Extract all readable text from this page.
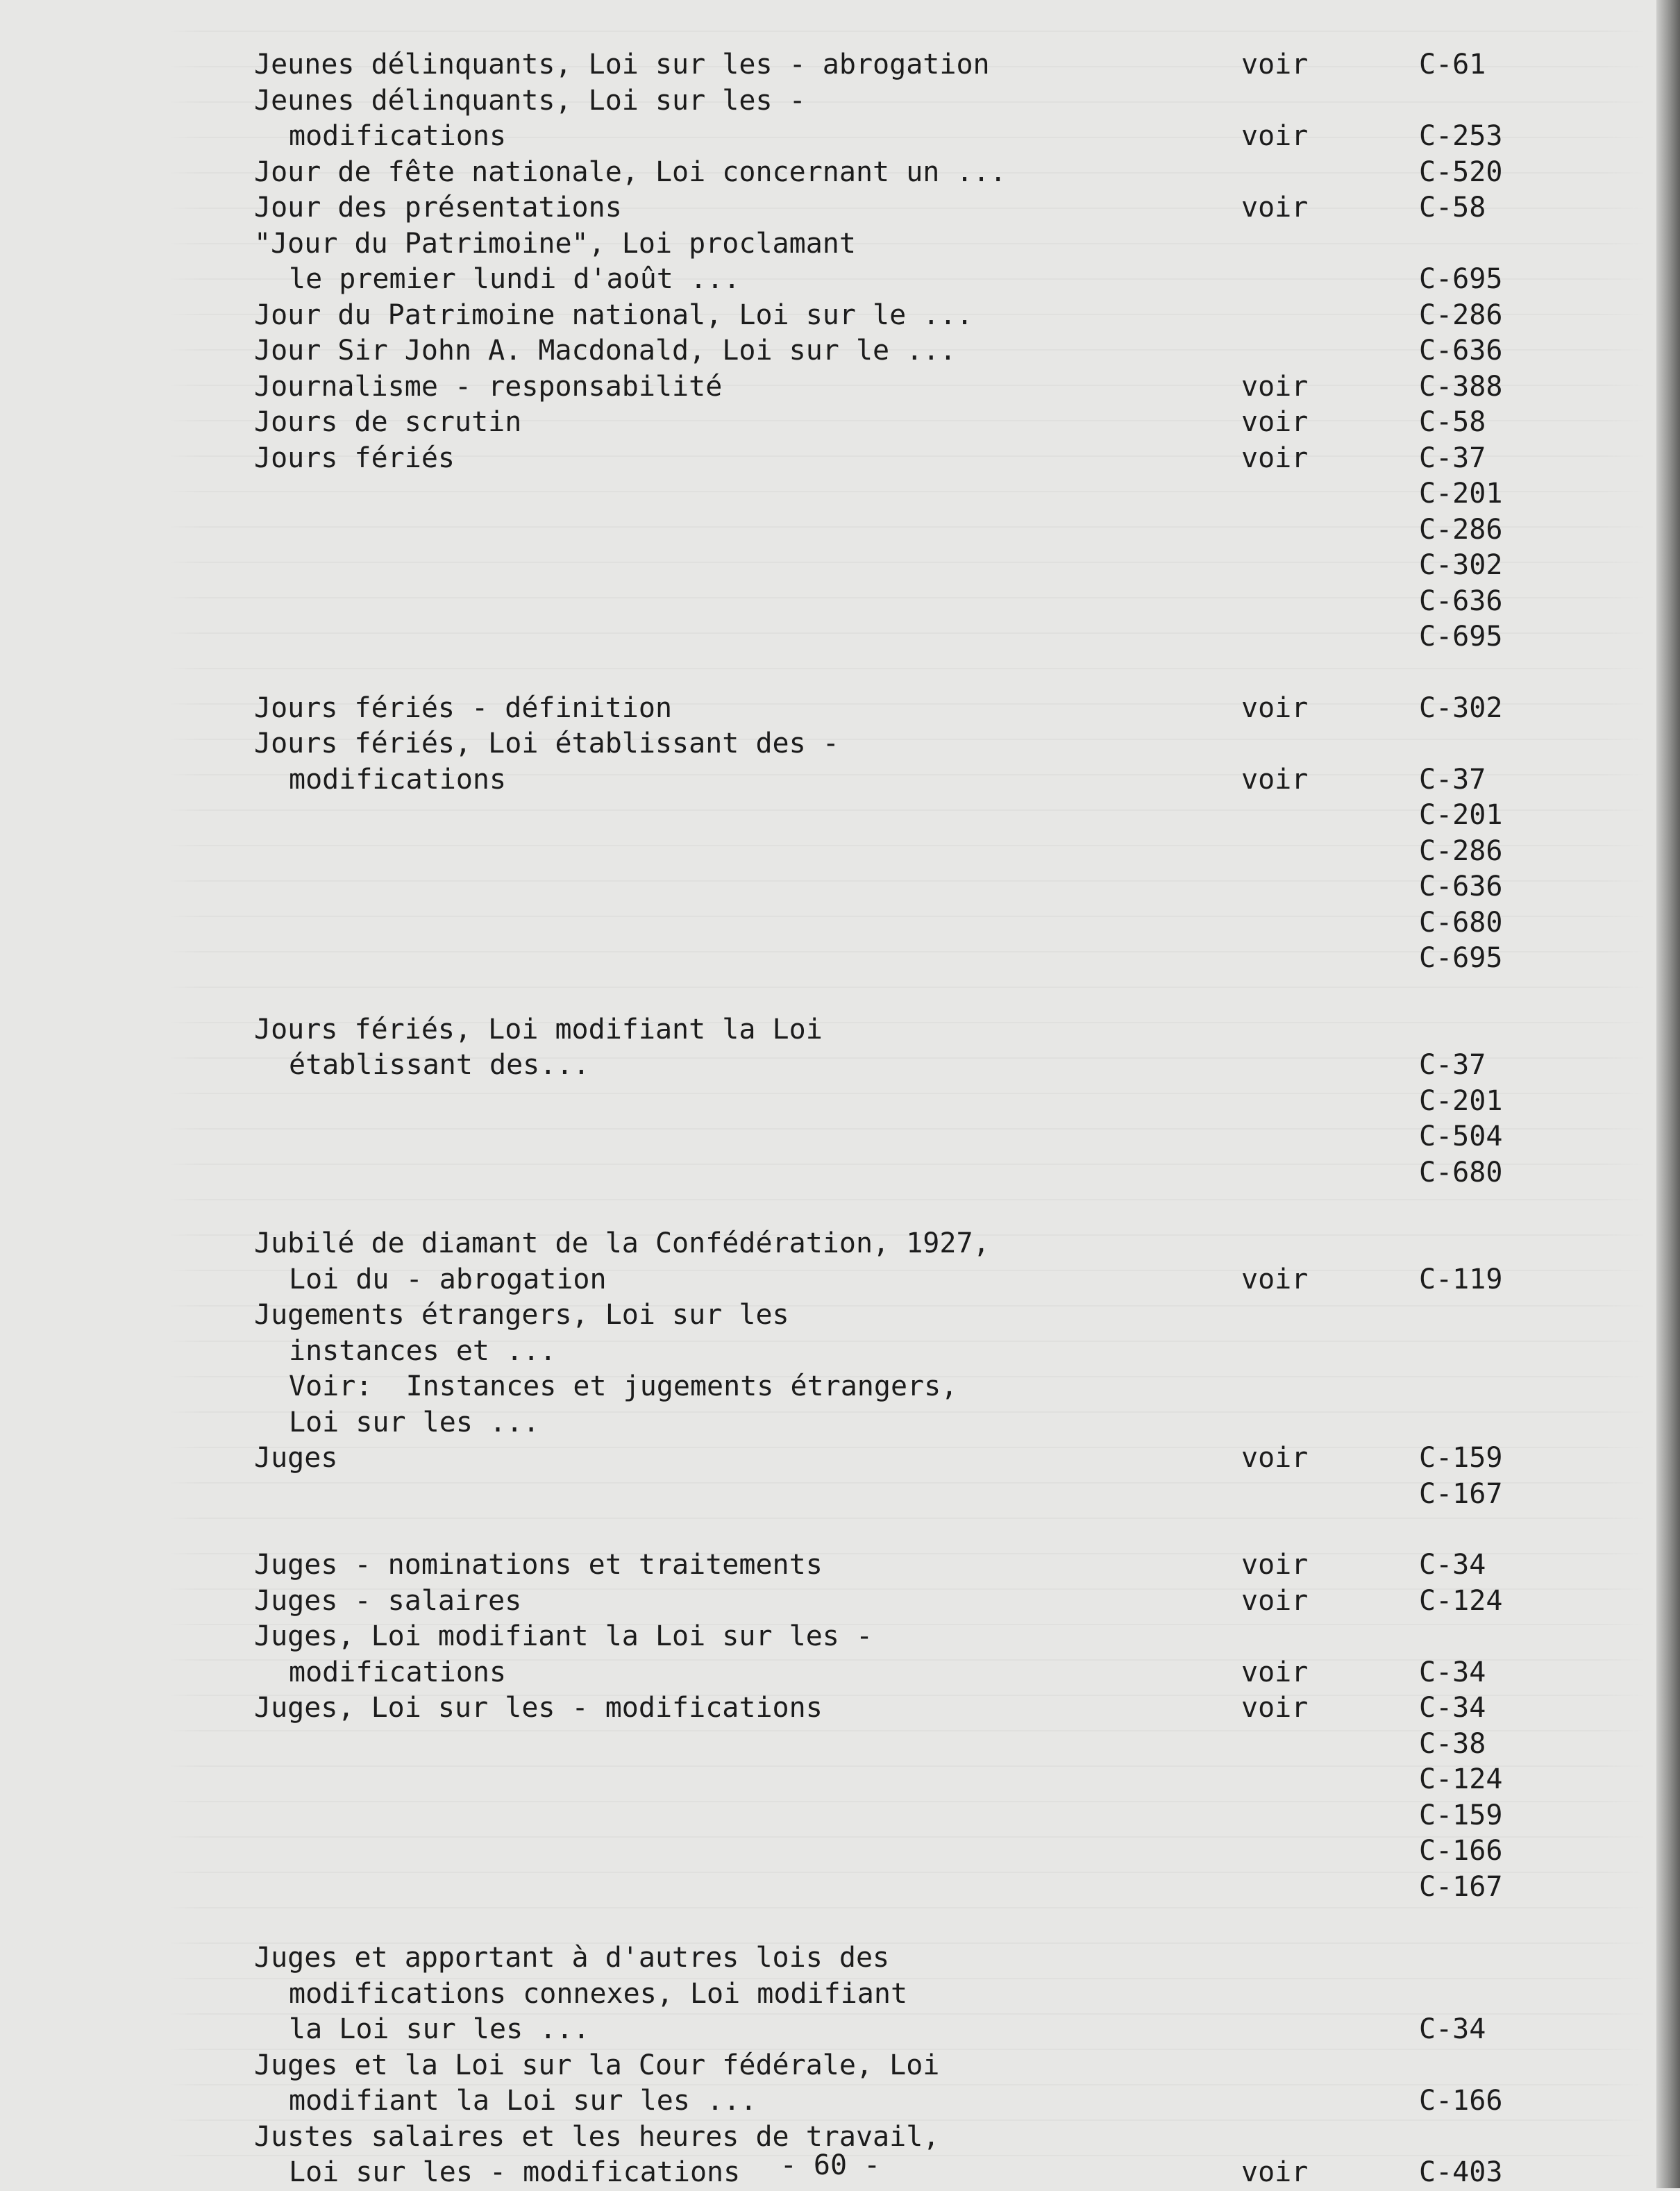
Jeunes délinquants, Loi sur les - abrogation	voir	C-61
Jeunes délinquants, Loi sur les -
modifications	voir	C-253
Jour de fête nationale, Loi concernant un ...	C-520
Jour des présentations	voir	C-58
"Jour du Patrimoine", Loi proclamant
le premier lundi d'août ...	C-695
Jour du Patrimoine national, Loi sur le ...	C-286
Jour Sir John A. Macdonald, Loi sur le ...	C-636
Journalisme - responsabilité	voir	C-388
Jours de scrutin	voir	C-58
Jours fériés	voir	C-37
C-201
C-286
C-302
C-636
C-695
Jours fériés - définition	voir	C-302
Jours fériés, Loi établissant des -
modifications	voir	C-37
C-201
C-286
C-636
C-680
C-695
Jours fériés, Loi modifiant la Loi
établissant des...	C-37
C-201
C-504
C-680
Jubilé de diamant de la Confédération, 1927,
Loi du - abrogation	voir	C-119
Jugements étrangers, Loi sur les
instances et ...
Voir:  Instances et jugements étrangers,
Loi sur les ...
Juges	voir	C-159
C-167
Juges - nominations et traitements	voir	C-34
Juges - salaires	voir	C-124
Juges, Loi modifiant la Loi sur les -
modifications	voir	C-34
Juges, Loi sur les - modifications	voir	C-34
C-38
C-124
C-159
C-166
C-167
Juges et apportant à d'autres lois des
modifications connexes, Loi modifiant
la Loi sur les ...	C-34
Juges et la Loi sur la Cour fédérale, Loi
modifiant la Loi sur les ...	C-166
Justes salaires et les heures de travail,
Loi sur les - modifications	voir	C-403
- 60 -
